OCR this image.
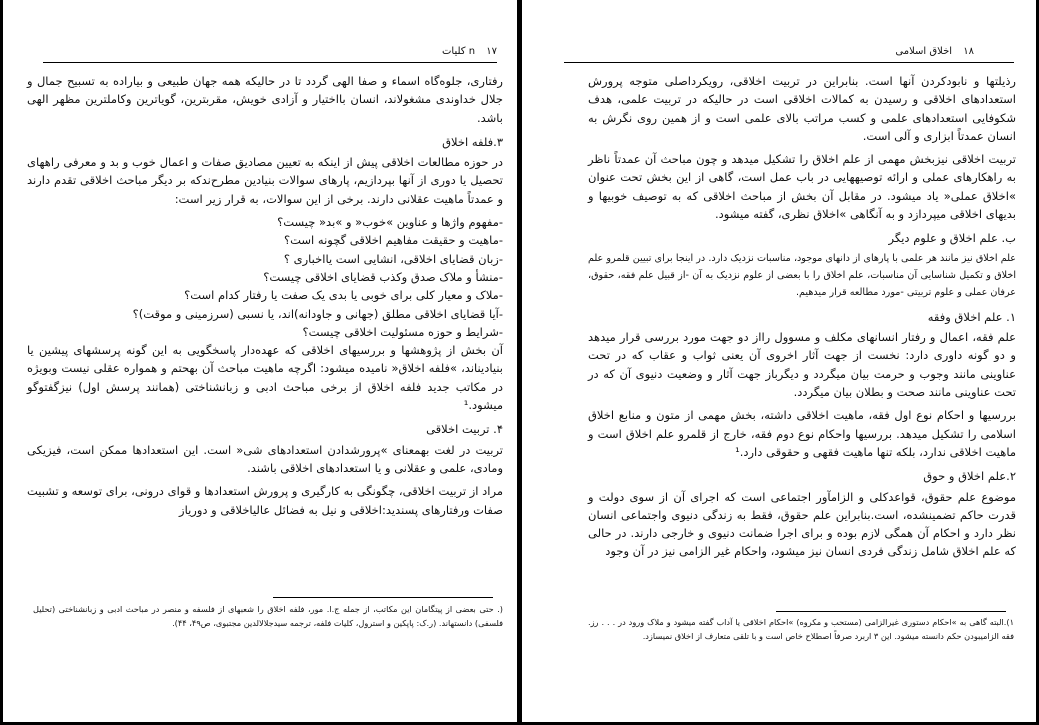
۱۷ n کلیات

رفتاری، جلوه‌گاه اسماء و صفا الهی گردد تا در حالیکه همه جهان طبیعی و بیاراده به تسبیح جمال و جلال خداوندی مشغولاند، انسان بااختیار و آزادی خویش، مقربترین، گویاترین وکاملترین مظهر الهی باشد.

۳.فلفه اخلاق

در حوزه مطالعات اخلاقی پیش از اینکه به تعیین مصادیق صفات و اعمال خوب و بد و معرفی راههای تحصیل یا دوری از آنها بپردازیم، پارهای سوالات بنیادین مطرح‌ندکه بر دیگر مباحث اخلاقی تقدم دارند و عمدتاً ماهیت عقلانی دارند. برخی از این سوالات، به قرار زیر است:

-مفهوم واژها و عناوین »خوب« و »بد« چیست؟
-ماهیت و حقیقت مفاهیم اخلاقی گچونه است؟
-زبان قضایای اخلاقی، انشایی است یااخباری ؟
-منشأ و ملاک صدق وکذب قضایای اخلاقی چیست؟
-ملاک و معیار کلی برای خوبی یا بدی یک صفت یا رفتار کدام است؟
-آیا قضایای اخلاقی مطلق (جهانی و جاودانه)اند، یا نسبی (سرزمینی و موقت)؟
-شرایط و حوزه مسئولیت اخلاقی چیست؟

آن بخش از پژوهشها و بررسیهای اخلاقی که عهده‌دار پاسخگویی به این گونه پرسشهای پیشین یا بنیادیناند، »فلفه اخلاق« نامیده میشود: اگرچه ماهیت مباحث آن بهحتم و همواره عقلی نیست وبویژه در مکاتب جدید فلفه اخلاق از برخی مباحث ادبی و زبانشناختی (همانند پرسش اول) نیزگفتوگو میشود.¹

۴. تربیت اخلاقی

تربیت در لغت بهمعنای »پرورشدادن استعدادهای شی« است. این استعدادها ممکن است، فیزیکی ومادی، علمی و عقلانی و یا استعدادهای اخلاقی باشند.

مراد از تربیت اخلاقی، چگونگی به کارگیری و پرورش استعدادها و قوای درونی، برای توسعه و تشبیت صفات ورفتارهای پسندید:اخلاقی و نیل به فضائل عالیاخلاقی و دوریاز

(. حتی بعضی از پیتگامان این مکاتب، از جمله ج.ا. مور، فلفه اخلاق را شعبهای از فلسفه و منصر در مباحث ادبی و زبانشناختی (تحلیل فلسفی) دانستهاند. (ر.ک: پاپکین و استرول، کلیات فلفه، ترجمه سیدجلالالدین مجتبوی، ص۴۹، ۴۴).
۱۸ اخلاق اسلامی

رذیلتها و نابودکردن آنها است. بنابراین در تربیت اخلاقی، رویکرداصلی متوجه پرورش استعدادهای اخلاقی و رسیدن به کمالات اخلاقی است در حالیکه در تربیت علمی، هدف شکوفایی استعدادهای علمی و کسب مراتب بالای علمی است و از همین روی نگرش به انسان عمدتاً ابزاری و آلی است.

تربیت اخلاقی نیزبخش مهمی از علم اخلاق را تشکیل میدهد و چون مباحث آن عمدتاً ناظر به راهکارهای عملی و ارائه توصیههایی در باب عمل است، گاهی از این بخش تحت عنوان »اخلاق عملی« یاد میشود. در مقابل آن بخش از مباحث اخلاقی که به توصیف خوبیها و بدیهای اخلاقی میپردازد و به آنگاهی »اخلاق نظری، گفته میشود.

ب. علم اخلاق و علوم دیگر

علم اخلاق نیز مانند هر علمی با پارهای از دانهای موجود، مناسبات نزدیک دارد. در اینجا برای تبیین قلمرو علم اخلاق و تکمیل شناسایی آن مناسبات، علم اخلاق را با بعضی از علوم نزدیک به آن -از قبیل علم فقه، حقوق، عرفان عملی و علوم تربیتی -مورد مطالعه قرار میدهیم.

۱. علم اخلاق وفقه

علم فقه، اعمال و رفتار انسانهای مکلف و مسوول رااز دو جهت مورد بررسی قرار میدهد و دو گونه داوری دارد: نخست از جهت آثار اخروی آن یعنی ثواب و عقاب که در تحت عناوینی مانند وجوب و حرمت بیان میگردد و دیگرباز جهت آثار و وضعیت دنیوی آن که در تحت عناوینی مانند صحت و بطلان بیان میگردد.

بررسیها و احکام نوع اول فقه، ماهیت اخلاقی داشته، بخش مهمی از متون و منابع اخلاق اسلامی را تشکیل میدهد. بررسیها واحکام نوع دوم فقه، خارج از قلمرو علم اخلاق است و ماهیت اخلاقی ندارد، بلکه تنها ماهیت فقهی و حقوقی دارد.¹

۲.علم اخلاق و حوق

موضوع علم حقوق، قواعدکلی و الزامآور اجتماعی است که اجرای آن از سوی دولت و قدرت حاکم تضمینشده، است.بنابراین علم حقوق، فقط به زندگی دنیوی واجتماعی انسان نظر دارد و احکام آن همگی لازم بوده و برای اجرا ضمانت دنیوی و خارجی دارند. در حالی که علم اخلاق شامل زندگی فردی انسان نیز میشود، واحکام غیر الزامی نیز در آن وجود

۱).البته گاهی به »احکام دستوری غیرالزامی (مستحب و مکروه) »احکام اخلاقی یا آداب گفته میشود و ملاک ورود در . . . رز. فقه الزامیبودن حکم دانسته میشود. این ۳ اربرد صرفاً اصطلاح خاص است و با تلقی متعارف از اخلاق نمیسازد.
